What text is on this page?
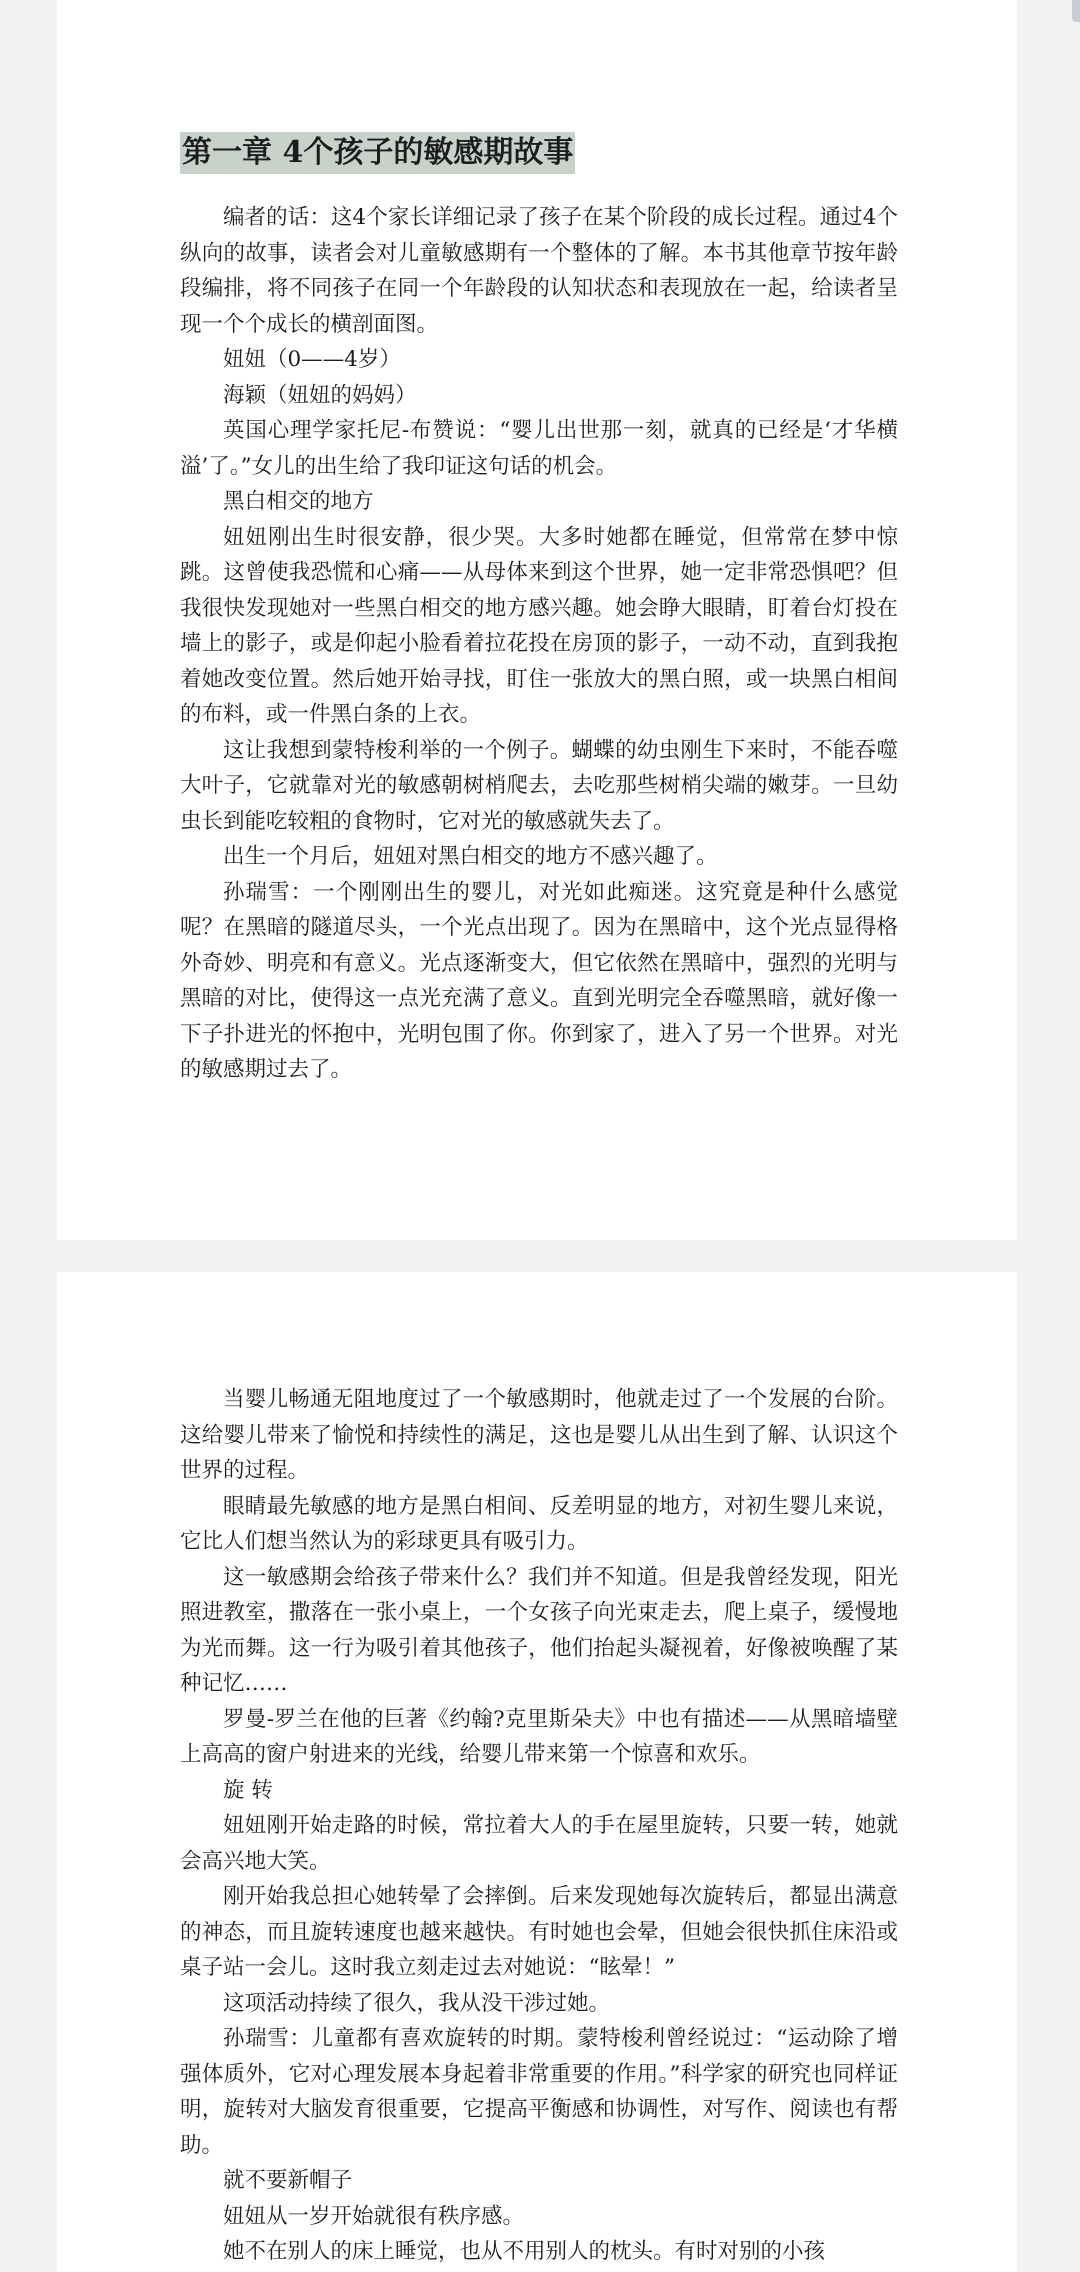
第一章 4个孩子的敏感期故事

编者的话：这4个家长详细记录了孩子在某个阶段的成长过程。通过4个纵向的故事，读者会对儿童敏感期有一个整体的了解。本书其他章节按年龄段编排，将不同孩子在同一个年龄段的认知状态和表现放在一起，给读者呈现一个个成长的横剖面图。

妞妞（0——4岁）

海颖（妞妞的妈妈）

英国心理学家托尼-布赞说：“婴儿出世那一刻，就真的已经是‘才华横溢’了。”女儿的出生给了我印证这句话的机会。

黑白相交的地方

妞妞刚出生时很安静，很少哭。大多时她都在睡觉，但常常在梦中惊跳。这曾使我恐慌和心痛——从母体来到这个世界，她一定非常恐惧吧？但我很快发现她对一些黑白相交的地方感兴趣。她会睁大眼睛，盯着台灯投在墙上的影子，或是仰起小脸看着拉花投在房顶的影子，一动不动，直到我抱着她改变位置。然后她开始寻找，盯住一张放大的黑白照，或一块黑白相间的布料，或一件黑白条的上衣。

这让我想到蒙特梭利举的一个例子。蝴蝶的幼虫刚生下来时，不能吞噬大叶子，它就靠对光的敏感朝树梢爬去，去吃那些树梢尖端的嫩芽。一旦幼虫长到能吃较粗的食物时，它对光的敏感就失去了。

出生一个月后，妞妞对黑白相交的地方不感兴趣了。

孙瑞雪：一个刚刚出生的婴儿，对光如此痴迷。这究竟是种什么感觉呢？在黑暗的隧道尽头，一个光点出现了。因为在黑暗中，这个光点显得格外奇妙、明亮和有意义。光点逐渐变大，但它依然在黑暗中，强烈的光明与黑暗的对比，使得这一点光充满了意义。直到光明完全吞噬黑暗，就好像一下子扑进光的怀抱中，光明包围了你。你到家了，进入了另一个世界。对光的敏感期过去了。

当婴儿畅通无阻地度过了一个敏感期时，他就走过了一个发展的台阶。这给婴儿带来了愉悦和持续性的满足，这也是婴儿从出生到了解、认识这个世界的过程。

眼睛最先敏感的地方是黑白相间、反差明显的地方，对初生婴儿来说，它比人们想当然认为的彩球更具有吸引力。

这一敏感期会给孩子带来什么？我们并不知道。但是我曾经发现，阳光照进教室，撒落在一张小桌上，一个女孩子向光束走去，爬上桌子，缓慢地为光而舞。这一行为吸引着其他孩子，他们抬起头凝视着，好像被唤醒了某种记忆……

罗曼-罗兰在他的巨著《约翰?克里斯朵夫》中也有描述——从黑暗墙壁上高高的窗户射进来的光线，给婴儿带来第一个惊喜和欢乐。

旋 转

妞妞刚开始走路的时候，常拉着大人的手在屋里旋转，只要一转，她就会高兴地大笑。

刚开始我总担心她转晕了会摔倒。后来发现她每次旋转后，都显出满意的神态，而且旋转速度也越来越快。有时她也会晕，但她会很快抓住床沿或桌子站一会儿。这时我立刻走过去对她说：“眩晕！”

这项活动持续了很久，我从没干涉过她。

孙瑞雪：儿童都有喜欢旋转的时期。蒙特梭利曾经说过：“运动除了增强体质外，它对心理发展本身起着非常重要的作用。”科学家的研究也同样证明，旋转对大脑发育很重要，它提高平衡感和协调性，对写作、阅读也有帮助。

就不要新帽子

妞妞从一岁开始就很有秩序感。

她不在别人的床上睡觉，也从不用别人的枕头。有时对别的小孩
